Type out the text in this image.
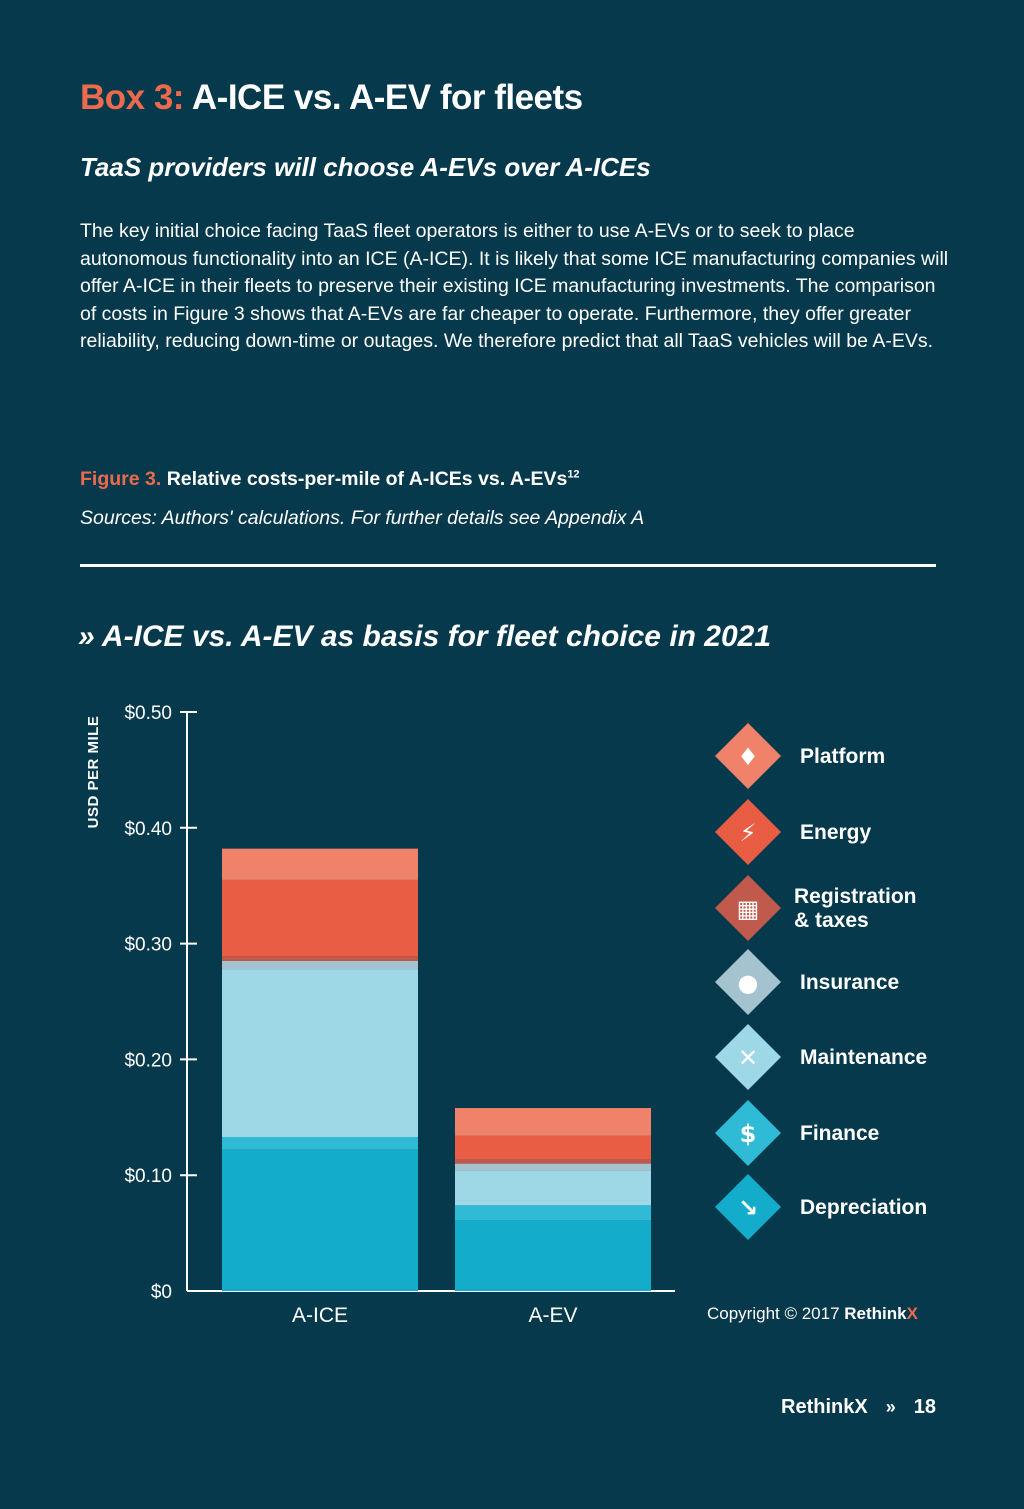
Box 3: A-ICE vs. A-EV for fleets
TaaS providers will choose A-EVs over A-ICEs

The key initial choice facing TaaS fleet operators is either to use A-EVs or to seek to place autonomous functionality into an ICE (A-ICE). It is likely that some ICE manufacturing companies will offer A-ICE in their fleets to preserve their existing ICE manufacturing investments. The comparison of costs in Figure 3 shows that A-EVs are far cheaper to operate. Furthermore, they offer greater reliability, reducing down-time or outages. We therefore predict that all TaaS vehicles will be A-EVs.

Figure 3. Relative costs-per-mile of A-ICEs vs. A-EVs$^{12}$

Sources: Authors' calculations. For further details see Appendix A

» A-ICE vs. A-EV as basis for fleet choice in 2021
$0
$0.10
$0.20
$0.30
$0.40
$0.50
USD PER MILE
A-ICE	A-EV
♦ Platform
⚡ Energy
▦ Registration
& taxes
● Insurance
✕ Maintenance
$ Finance
↘ Depreciation

Copyright © 2017 RethinkX

RethinkX » 18
